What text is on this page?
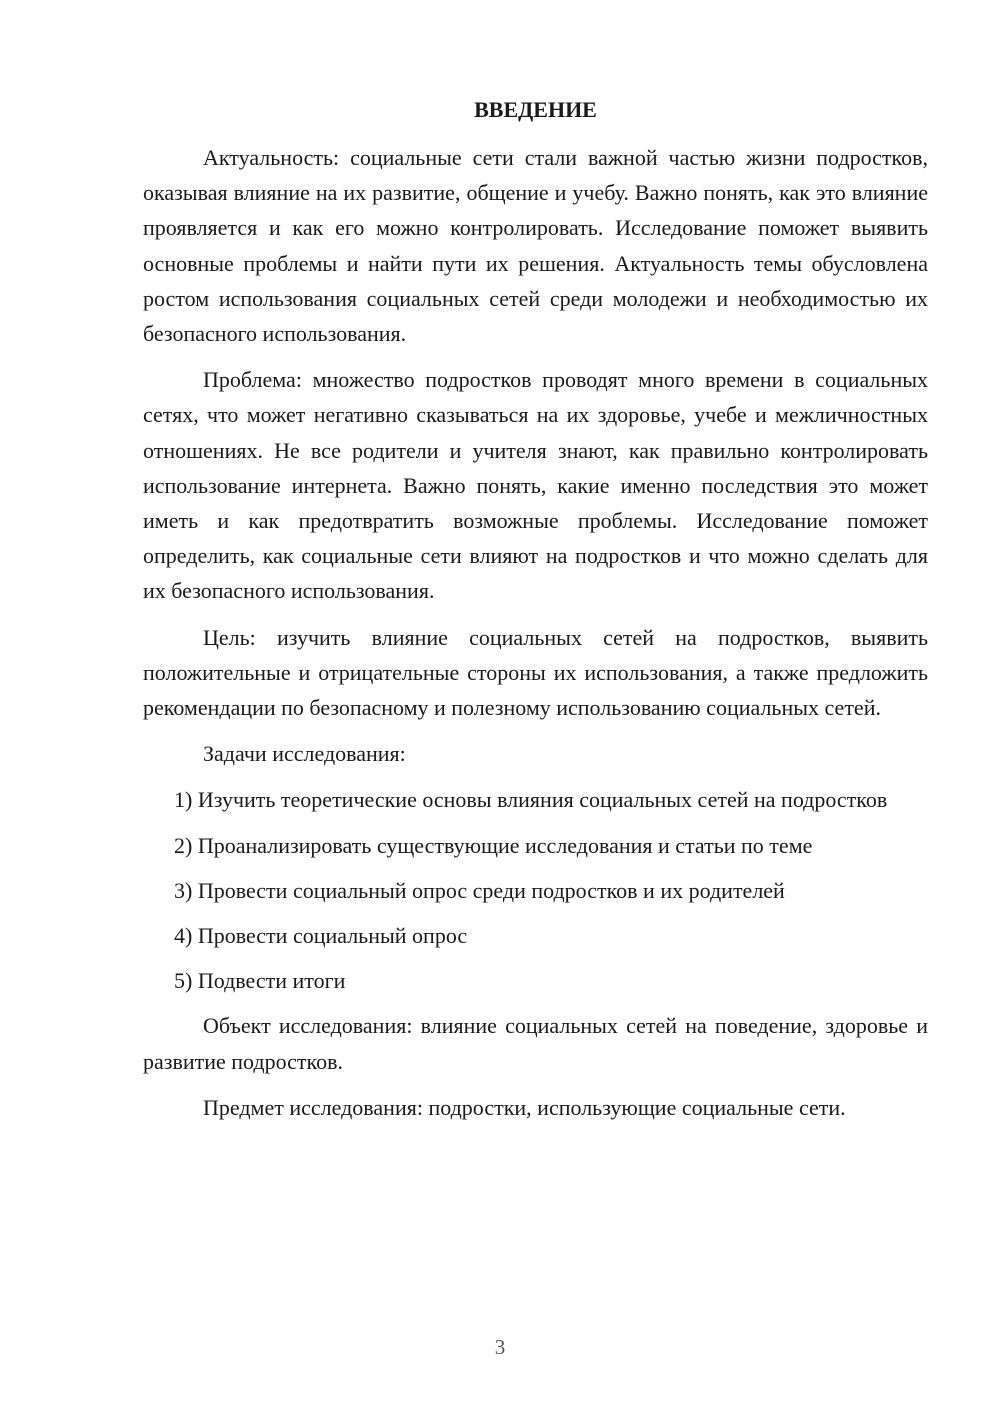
ВВЕДЕНИЕ

Актуальность: социальные сети стали важной частью жизни подростков, оказывая влияние на их развитие, общение и учебу. Важно понять, как это влияние проявляется и как его можно контролировать. Исследование поможет выявить основные проблемы и найти пути их решения. Актуальность темы обусловлена ростом использования социальных сетей среди молодежи и необходимостью их безопасного использования.

Проблема: множество подростков проводят много времени в социальных сетях, что может негативно сказываться на их здоровье, учебе и межличностных отношениях. Не все родители и учителя знают, как правильно контролировать использование интернета. Важно понять, какие именно последствия это может иметь и как предотвратить возможные проблемы. Исследование поможет определить, как социальные сети влияют на подростков и что можно сделать для их безопасного использования.

Цель: изучить влияние социальных сетей на подростков, выявить положительные и отрицательные стороны их использования, а также предложить рекомендации по безопасному и полезному использованию социальных сетей.

Задачи исследования:

1) Изучить теоретические основы влияния социальных сетей на подростков

2) Проанализировать существующие исследования и статьи по теме

3) Провести социальный опрос среди подростков и их родителей

4) Провести социальный опрос

5) Подвести итоги

Объект исследования: влияние социальных сетей на поведение, здоровье и развитие подростков.

Предмет исследования: подростки, использующие социальные сети.

3
